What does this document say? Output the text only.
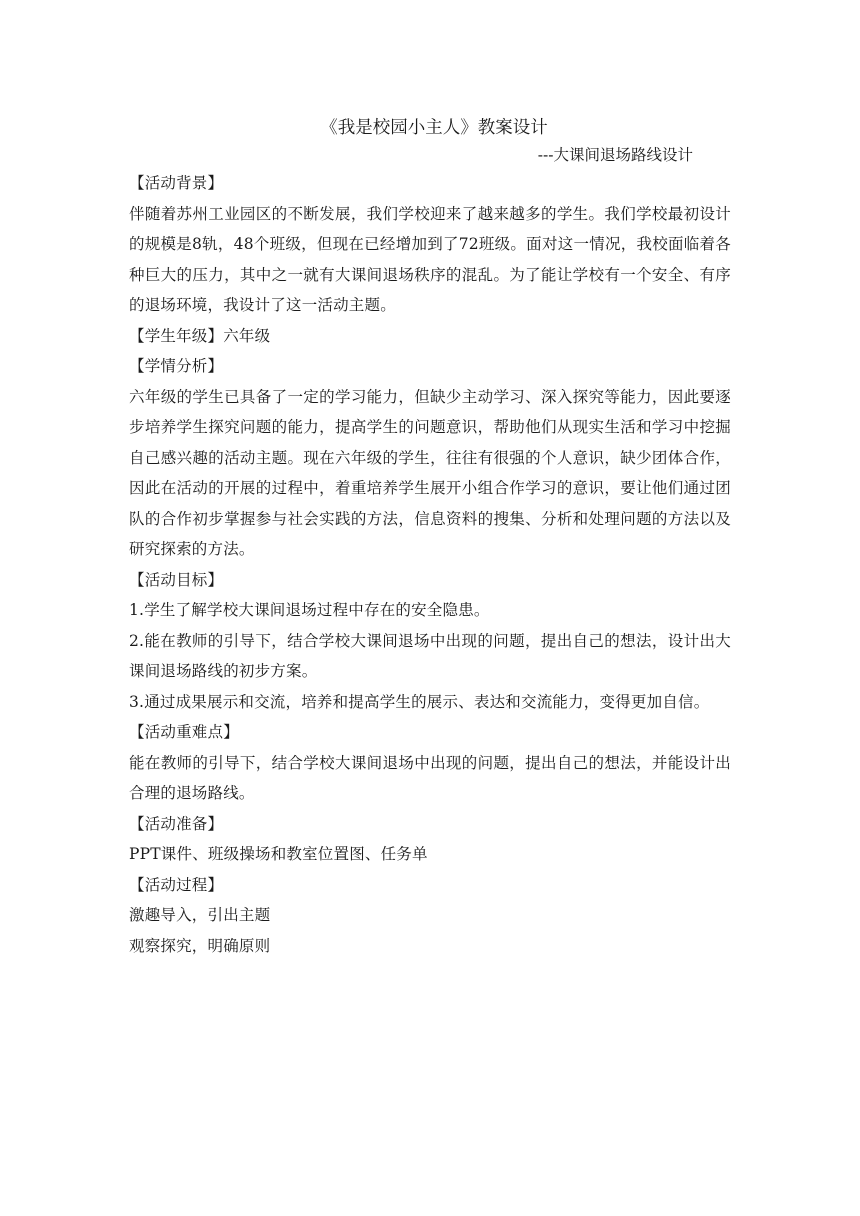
《我是校园小主人》教案设计

---大课间退场路线设计

【活动背景】

伴随着苏州工业园区的不断发展，我们学校迎来了越来越多的学生。我们学校最初设计的规模是8轨，48个班级，但现在已经增加到了72班级。面对这一情况，我校面临着各种巨大的压力，其中之一就有大课间退场秩序的混乱。为了能让学校有一个安全、有序的退场环境，我设计了这一活动主题。

【学生年级】六年级

【学情分析】

六年级的学生已具备了一定的学习能力，但缺少主动学习、深入探究等能力，因此要逐步培养学生探究问题的能力，提高学生的问题意识，帮助他们从现实生活和学习中挖掘自己感兴趣的活动主题。现在六年级的学生，往往有很强的个人意识，缺少团体合作，因此在活动的开展的过程中，着重培养学生展开小组合作学习的意识，要让他们通过团队的合作初步掌握参与社会实践的方法，信息资料的搜集、分析和处理问题的方法以及研究探索的方法。

【活动目标】

1.学生了解学校大课间退场过程中存在的安全隐患。

2.能在教师的引导下，结合学校大课间退场中出现的问题，提出自己的想法，设计出大课间退场路线的初步方案。

3.通过成果展示和交流，培养和提高学生的展示、表达和交流能力，变得更加自信。

【活动重难点】

能在教师的引导下，结合学校大课间退场中出现的问题，提出自己的想法，并能设计出合理的退场路线。

【活动准备】

PPT课件、班级操场和教室位置图、任务单

【活动过程】

激趣导入，引出主题

观察探究，明确原则
